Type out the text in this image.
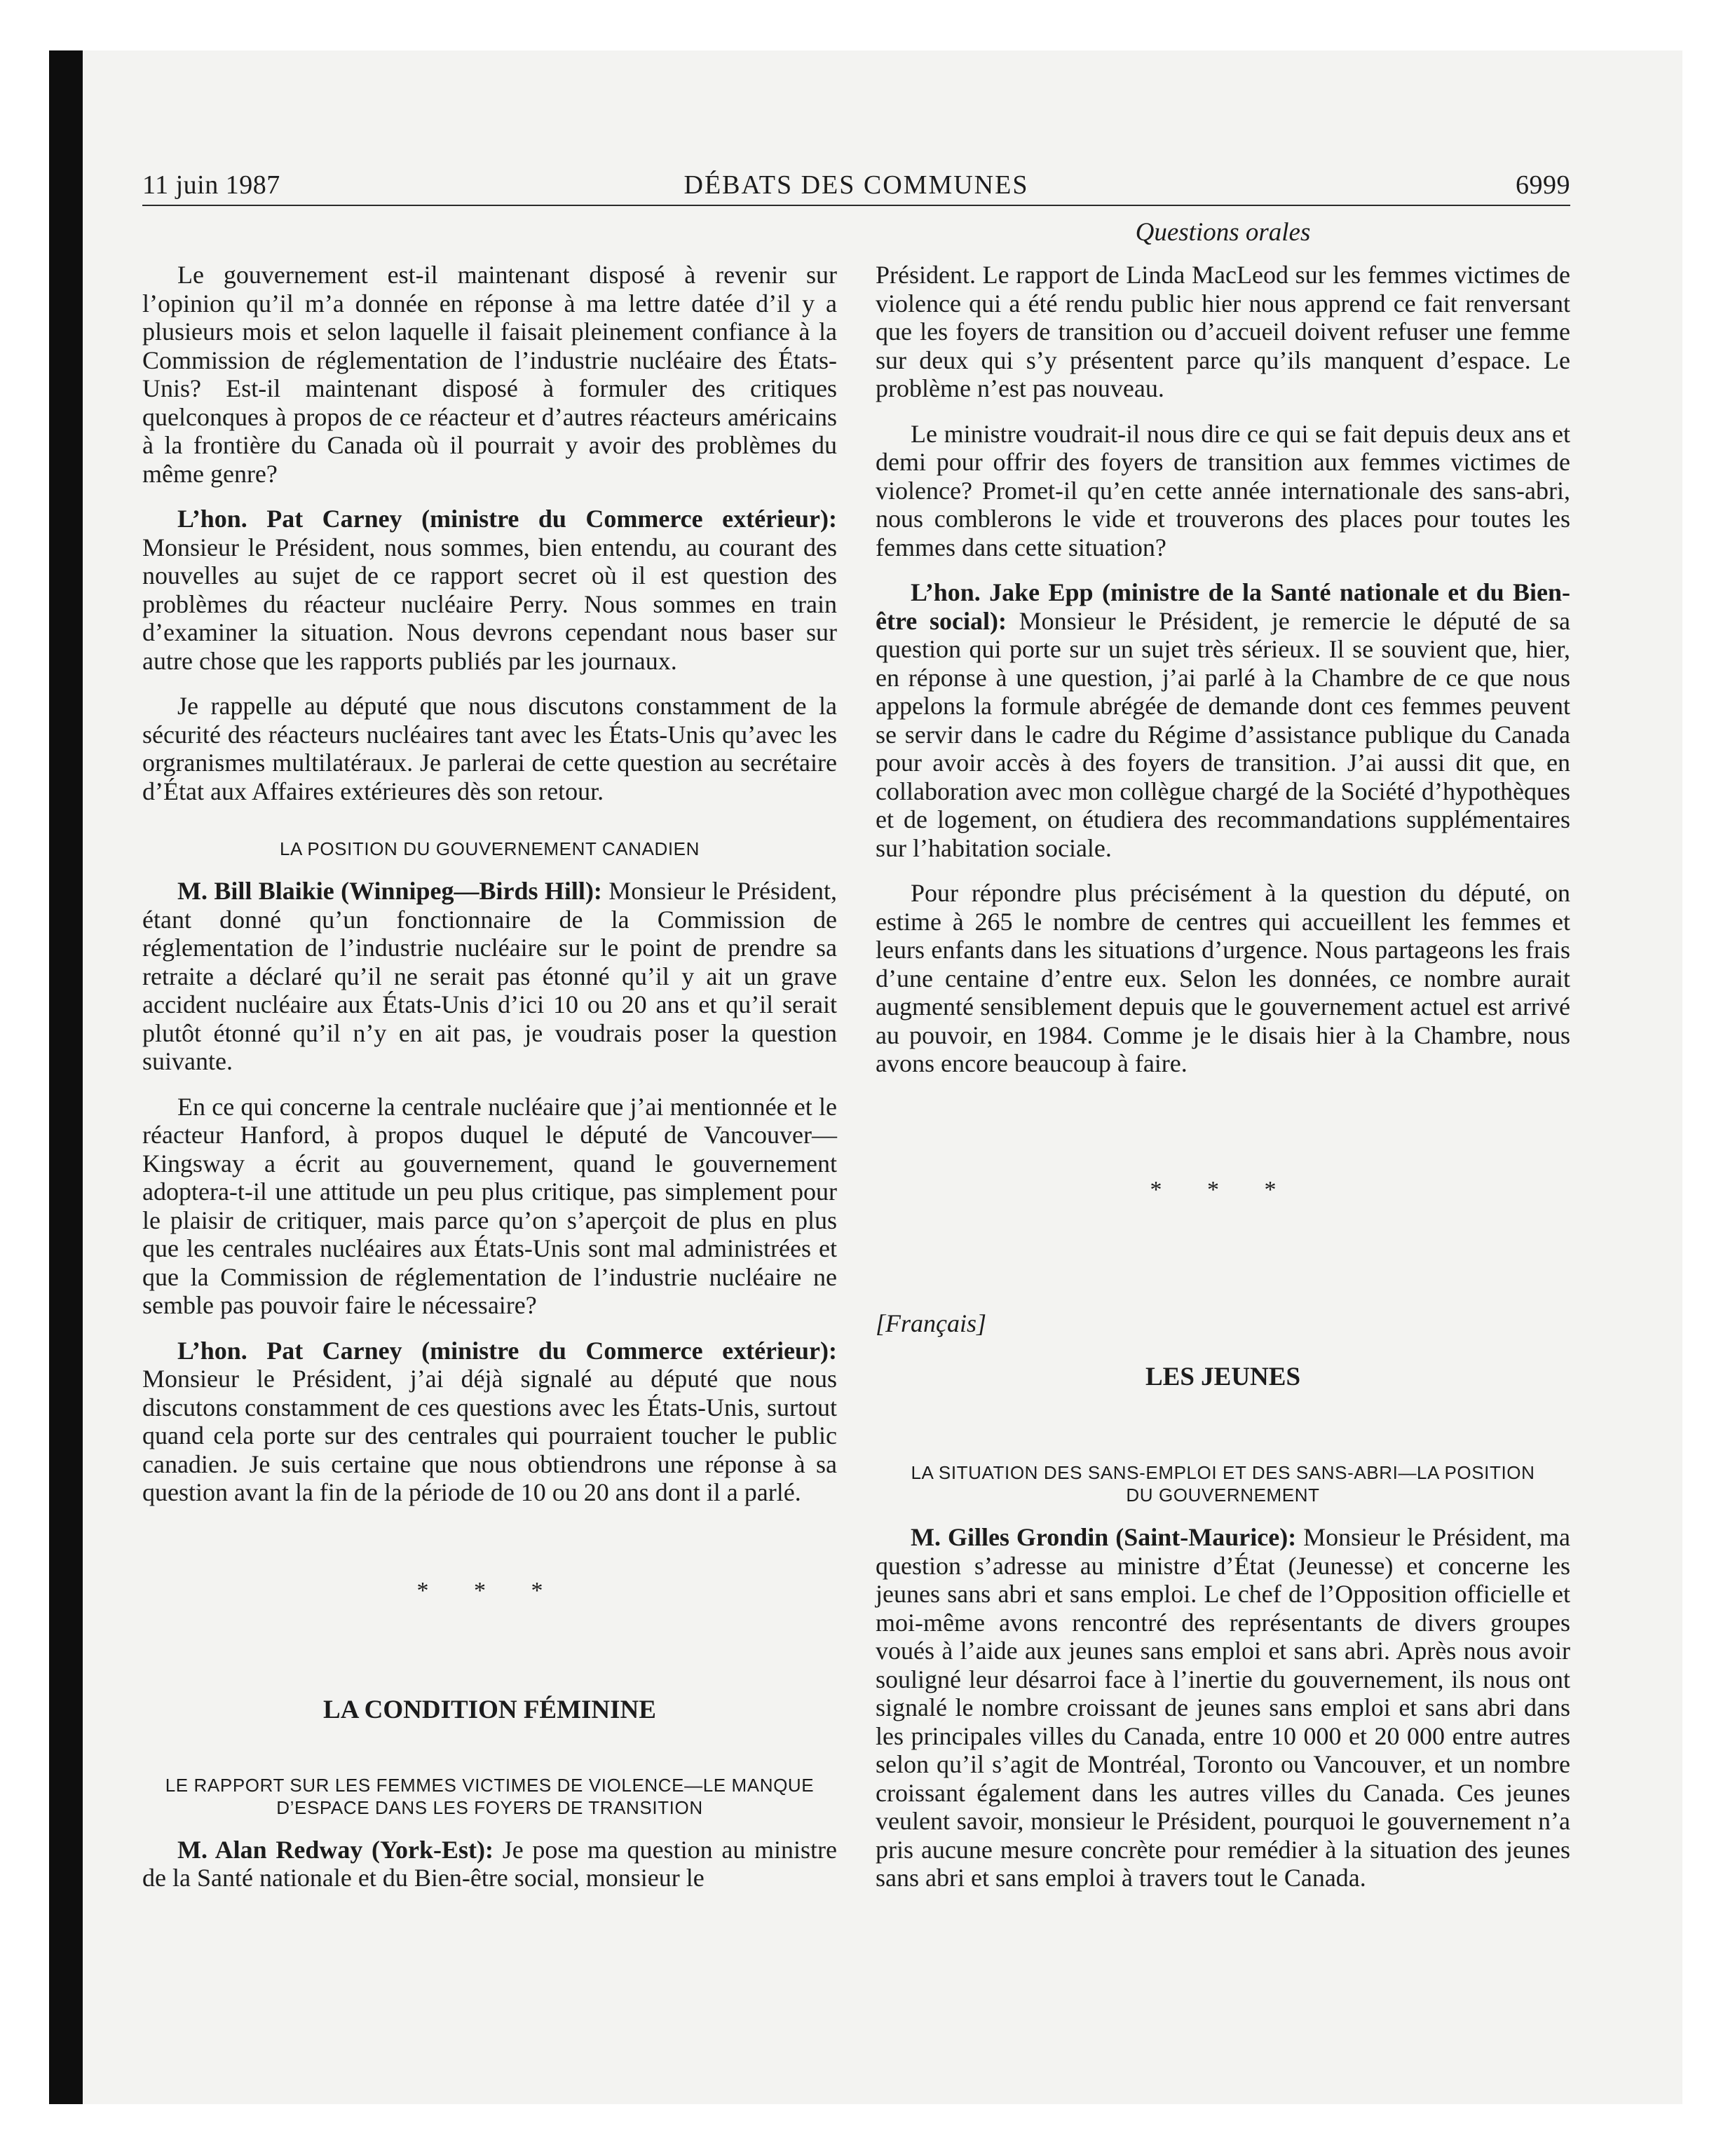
11 juin 1987	DÉBATS DES COMMUNES	6999
Questions orales

Le gouvernement est-il maintenant disposé à revenir sur l’opinion qu’il m’a donnée en réponse à ma lettre datée d’il y a plusieurs mois et selon laquelle il faisait pleinement confiance à la Commission de réglementation de l’industrie nucléaire des États-Unis? Est-il maintenant disposé à formuler des critiques quelconques à propos de ce réacteur et d’autres réacteurs américains à la frontière du Canada où il pourrait y avoir des problèmes du même genre?

L’hon. Pat Carney (ministre du Commerce extérieur): Monsieur le Président, nous sommes, bien entendu, au courant des nouvelles au sujet de ce rapport secret où il est question des problèmes du réacteur nucléaire Perry. Nous sommes en train d’examiner la situation. Nous devrons cependant nous baser sur autre chose que les rapports publiés par les journaux.

Je rappelle au député que nous discutons constamment de la sécurité des réacteurs nucléaires tant avec les États-Unis qu’avec les orgranismes multilatéraux. Je parlerai de cette question au secrétaire d’État aux Affaires extérieures dès son retour.

LA POSITION DU GOUVERNEMENT CANADIEN

M. Bill Blaikie (Winnipeg—Birds Hill): Monsieur le Président, étant donné qu’un fonctionnaire de la Commission de réglementation de l’industrie nucléaire sur le point de prendre sa retraite a déclaré qu’il ne serait pas étonné qu’il y ait un grave accident nucléaire aux États-Unis d’ici 10 ou 20 ans et qu’il serait plutôt étonné qu’il n’y en ait pas, je voudrais poser la question suivante.

En ce qui concerne la centrale nucléaire que j’ai mentionnée et le réacteur Hanford, à propos duquel le député de Vancouver—Kingsway a écrit au gouvernement, quand le gouvernement adoptera-t-il une attitude un peu plus critique, pas simplement pour le plaisir de critiquer, mais parce qu’on s’aperçoit de plus en plus que les centrales nucléaires aux États-Unis sont mal administrées et que la Commission de réglementation de l’industrie nucléaire ne semble pas pouvoir faire le nécessaire?

L’hon. Pat Carney (ministre du Commerce extérieur): Monsieur le Président, j’ai déjà signalé au député que nous discutons constamment de ces questions avec les États-Unis, surtout quand cela porte sur des centrales qui pourraient toucher le public canadien. Je suis certaine que nous obtiendrons une réponse à sa question avant la fin de la période de 10 ou 20 ans dont il a parlé.

* * *
LA CONDITION FÉMININE
LE RAPPORT SUR LES FEMMES VICTIMES DE VIOLENCE—LE MANQUE D’ESPACE DANS LES FOYERS DE TRANSITION

M. Alan Redway (York-Est): Je pose ma question au ministre de la Santé nationale et du Bien-être social, monsieur le

Président. Le rapport de Linda MacLeod sur les femmes victimes de violence qui a été rendu public hier nous apprend ce fait renversant que les foyers de transition ou d’accueil doivent refuser une femme sur deux qui s’y présentent parce qu’ils manquent d’espace. Le problème n’est pas nouveau.

Le ministre voudrait-il nous dire ce qui se fait depuis deux ans et demi pour offrir des foyers de transition aux femmes victimes de violence? Promet-il qu’en cette année internationale des sans-abri, nous comblerons le vide et trouverons des places pour toutes les femmes dans cette situation?

L’hon. Jake Epp (ministre de la Santé nationale et du Bien-être social): Monsieur le Président, je remercie le député de sa question qui porte sur un sujet très sérieux. Il se souvient que, hier, en réponse à une question, j’ai parlé à la Chambre de ce que nous appelons la formule abrégée de demande dont ces femmes peuvent se servir dans le cadre du Régime d’assistance publique du Canada pour avoir accès à des foyers de transition. J’ai aussi dit que, en collaboration avec mon collègue chargé de la Société d’hypothèques et de logement, on étudiera des recommandations supplémentaires sur l’habitation sociale.

Pour répondre plus précisément à la question du député, on estime à 265 le nombre de centres qui accueillent les femmes et leurs enfants dans les situations d’urgence. Nous partageons les frais d’une centaine d’entre eux. Selon les données, ce nombre aurait augmenté sensiblement depuis que le gouvernement actuel est arrivé au pouvoir, en 1984. Comme je le disais hier à la Chambre, nous avons encore beaucoup à faire.

* * *
[Français]
LES JEUNES
LA SITUATION DES SANS-EMPLOI ET DES SANS-ABRI—LA POSITION DU GOUVERNEMENT

M. Gilles Grondin (Saint-Maurice): Monsieur le Président, ma question s’adresse au ministre d’État (Jeunesse) et concerne les jeunes sans abri et sans emploi. Le chef de l’Opposition officielle et moi-même avons rencontré des représentants de divers groupes voués à l’aide aux jeunes sans emploi et sans abri. Après nous avoir souligné leur désarroi face à l’inertie du gouvernement, ils nous ont signalé le nombre croissant de jeunes sans emploi et sans abri dans les principales villes du Canada, entre 10 000 et 20 000 entre autres selon qu’il s’agit de Montréal, Toronto ou Vancouver, et un nombre croissant également dans les autres villes du Canada. Ces jeunes veulent savoir, monsieur le Président, pourquoi le gouvernement n’a pris aucune mesure concrète pour remédier à la situation des jeunes sans abri et sans emploi à travers tout le Canada.
